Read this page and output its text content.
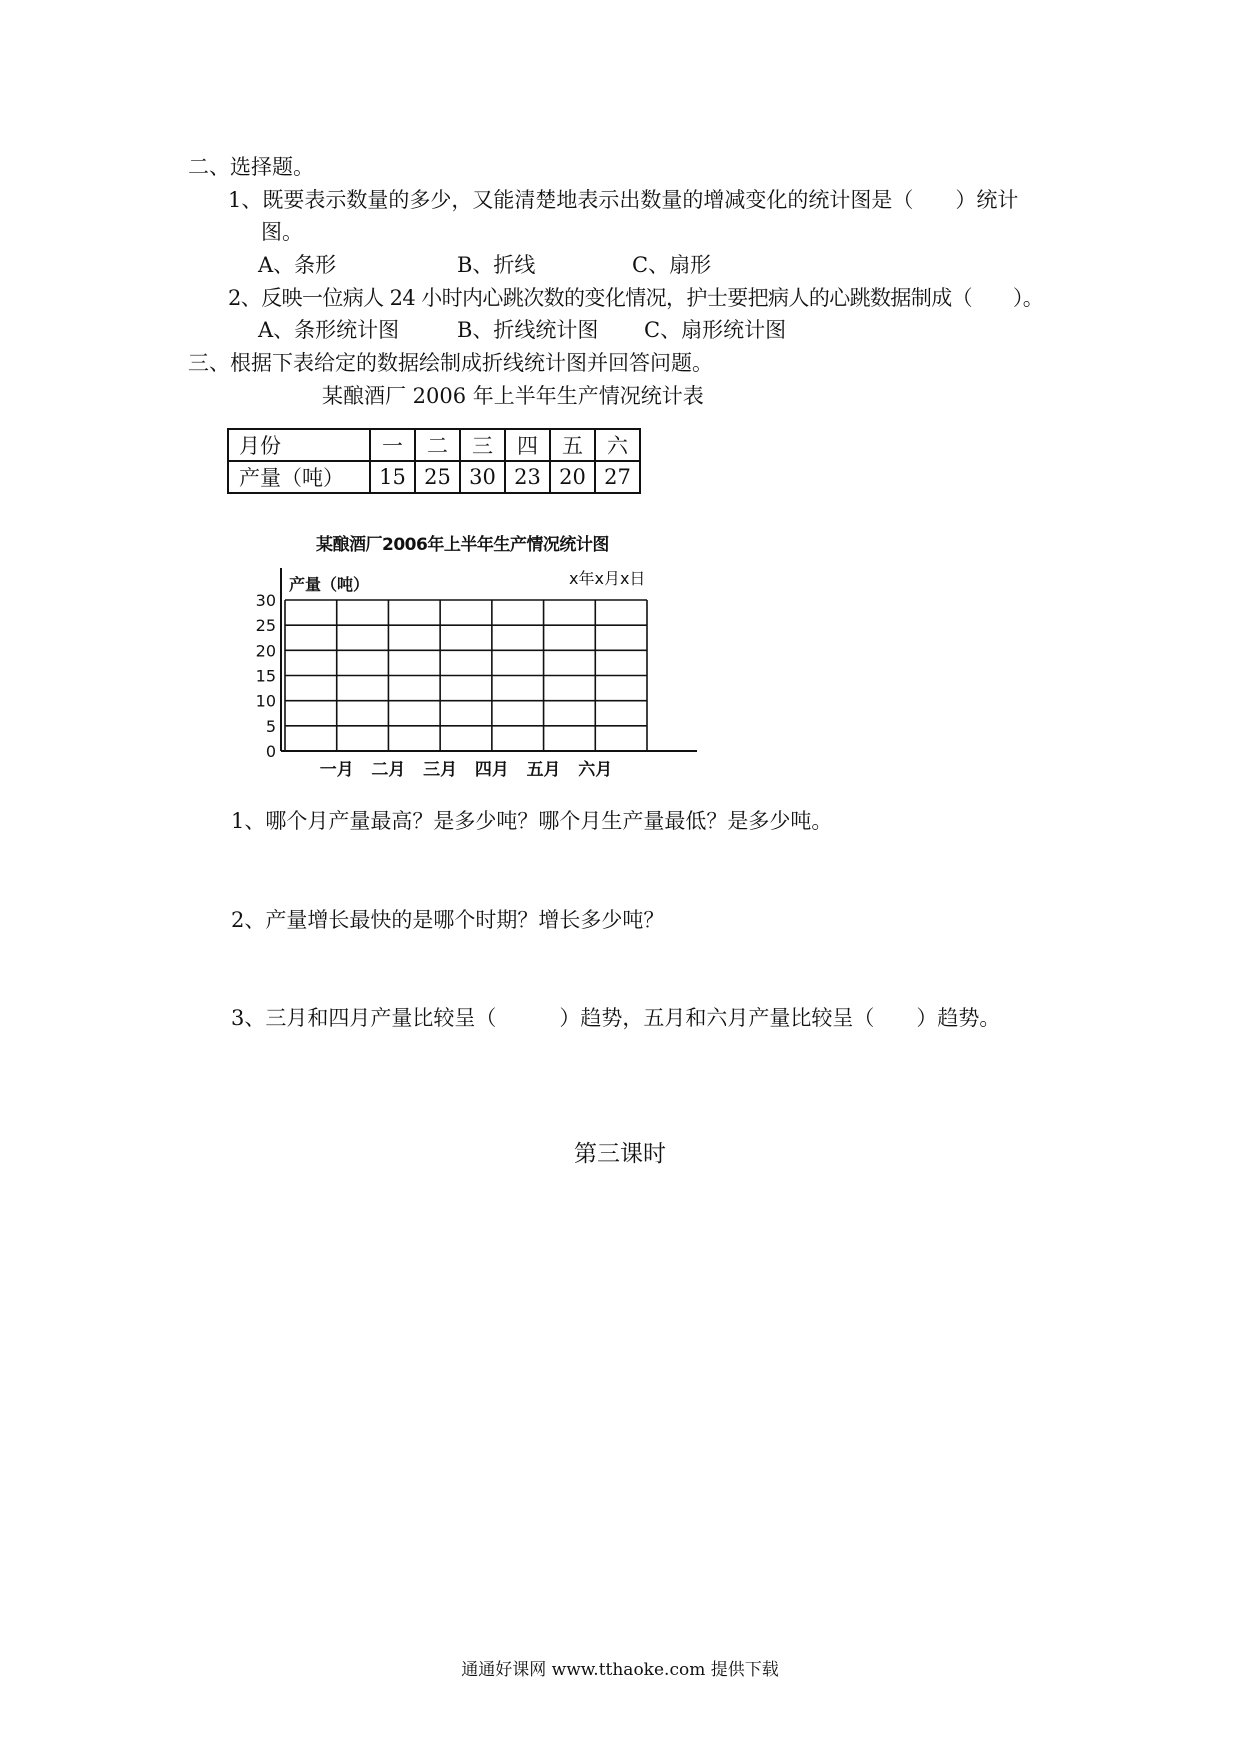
二、选择题。
1、既要表示数量的多少，又能清楚地表示出数量的增减变化的统计图是（　　）统计
图。
A、条形	B、折线	C、扇形
2、反映一位病人 24 小时内心跳次数的变化情况，护士要把病人的心跳数据制成（　　）。
A、条形统计图	B、折线统计图 C、扇形统计图
三、根据下表给定的数据绘制成折线统计图并回答问题。
某酿酒厂 2006 年上半年生产情况统计表
月份	一	二	三	四	五	六
产量（吨）	15	25	30	23	20	27
某酿酒厂2006年上半年生产情况统计图
产量（吨）	x年x月x日
30
25
20
15
10
5
0
一月 二月 三月 四月 五月 六月
1、哪个月产量最高？是多少吨？哪个月生产量最低？是多少吨。
2、产量增长最快的是哪个时期？增长多少吨？
3、三月和四月产量比较呈（　　　）趋势，五月和六月产量比较呈（　　）趋势。
第三课时
通通好课网 www.tthaoke.com 提供下载
